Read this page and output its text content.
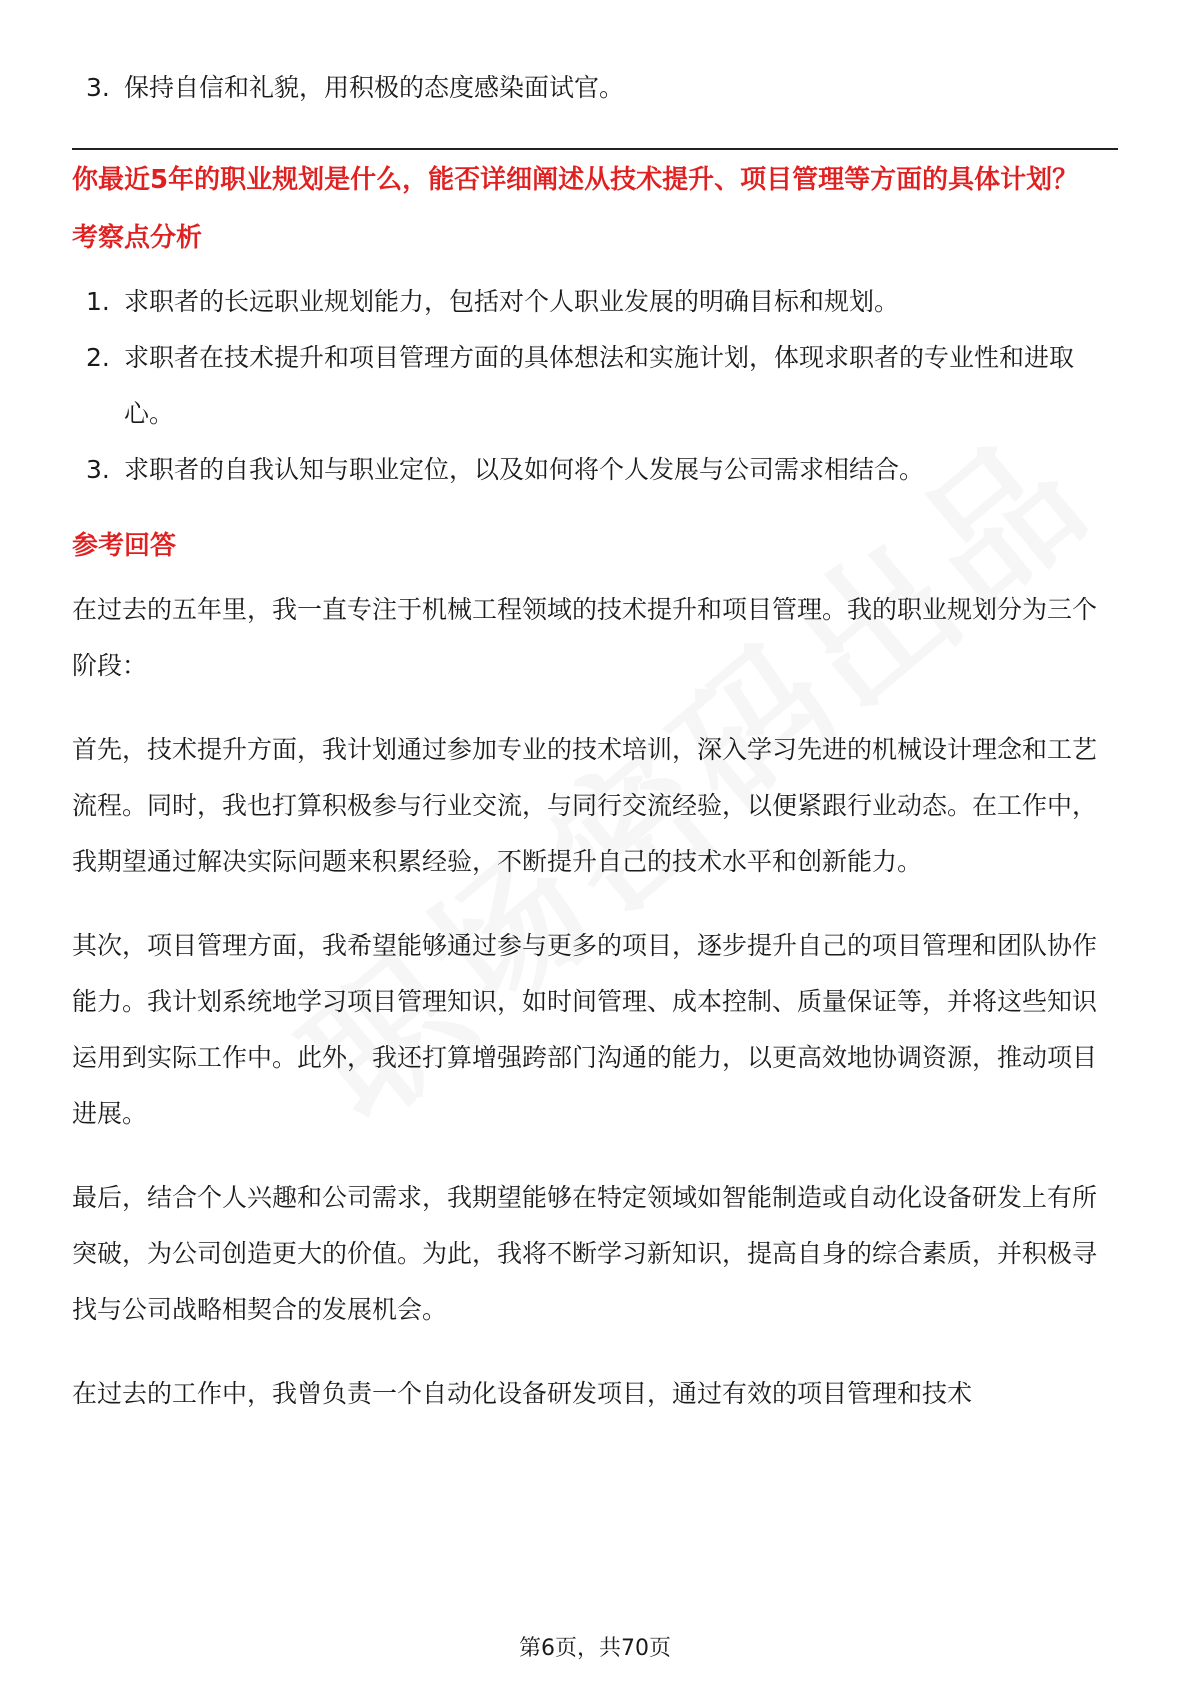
3. 保持自信和礼貌，用积极的态度感染面试官。
你最近5年的职业规划是什么，能否详细阐述从技术提升、项目管理等方面的具体计划？
考察点分析
1. 求职者的长远职业规划能力，包括对个人职业发展的明确目标和规划。
2. 求职者在技术提升和项目管理方面的具体想法和实施计划，体现求职者的专业性和进取心。
3. 求职者的自我认知与职业定位，以及如何将个人发展与公司需求相结合。
参考回答

在过去的五年里，我一直专注于机械工程领域的技术提升和项目管理。我的职业规划分为三个阶段：

首先，技术提升方面，我计划通过参加专业的技术培训，深入学习先进的机械设计理念和工艺流程。同时，我也打算积极参与行业交流，与同行交流经验，以便紧跟行业动态。在工作中，我期望通过解决实际问题来积累经验，不断提升自己的技术水平和创新能力。

其次，项目管理方面，我希望能够通过参与更多的项目，逐步提升自己的项目管理和团队协作能力。我计划系统地学习项目管理知识，如时间管理、成本控制、质量保证等，并将这些知识运用到实际工作中。此外，我还打算增强跨部门沟通的能力，以更高效地协调资源，推动项目进展。

最后，结合个人兴趣和公司需求，我期望能够在特定领域如智能制造或自动化设备研发上有所突破，为公司创造更大的价值。为此，我将不断学习新知识，提高自身的综合素质，并积极寻找与公司战略相契合的发展机会。

在过去的工作中，我曾负责一个自动化设备研发项目，通过有效的项目管理和技术

第6页，共70页
